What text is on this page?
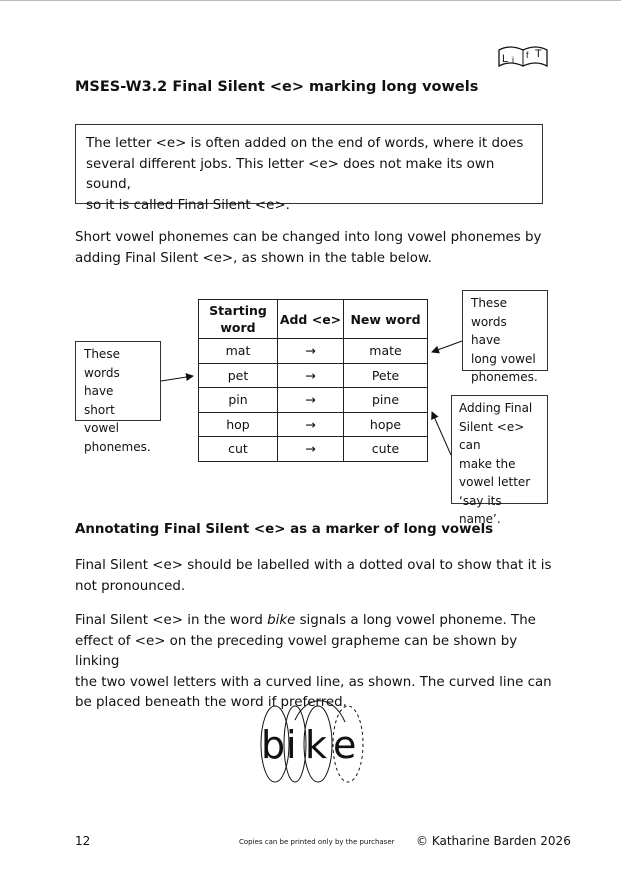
L i f T
MSES-W3.2 Final Silent <e> marking long vowels
The letter <e> is often added on the end of words, where it does
several different jobs. This letter <e> does not make its own sound,
so it is called Final Silent <e>.
Short vowel phonemes can be changed into long vowel phonemes by
adding Final Silent <e>, as shown in the table below.
Starting
word	Add <e>	New word
mat	→	mate
pet	→	Pete
pin	→	pine
hop	→	hope
cut	→	cute
These
words have
short vowel
phonemes.
These
words have
long vowel
phonemes.
Adding Final
Silent <e> can
make the
vowel letter
‘say its name’.
Annotating Final Silent <e> as a marker of long vowels
Final Silent <e> should be labelled with a dotted oval to show that it is
not pronounced.
Final Silent <e> in the word bike signals a long vowel phoneme. The
effect of <e> on the preceding vowel grapheme can be shown by linking
the two vowel letters with a curved line, as shown. The curved line can
be placed beneath the word if preferred.
b i k e
12	Copies can be printed only by the purchaser © Katharine Barden 2026
